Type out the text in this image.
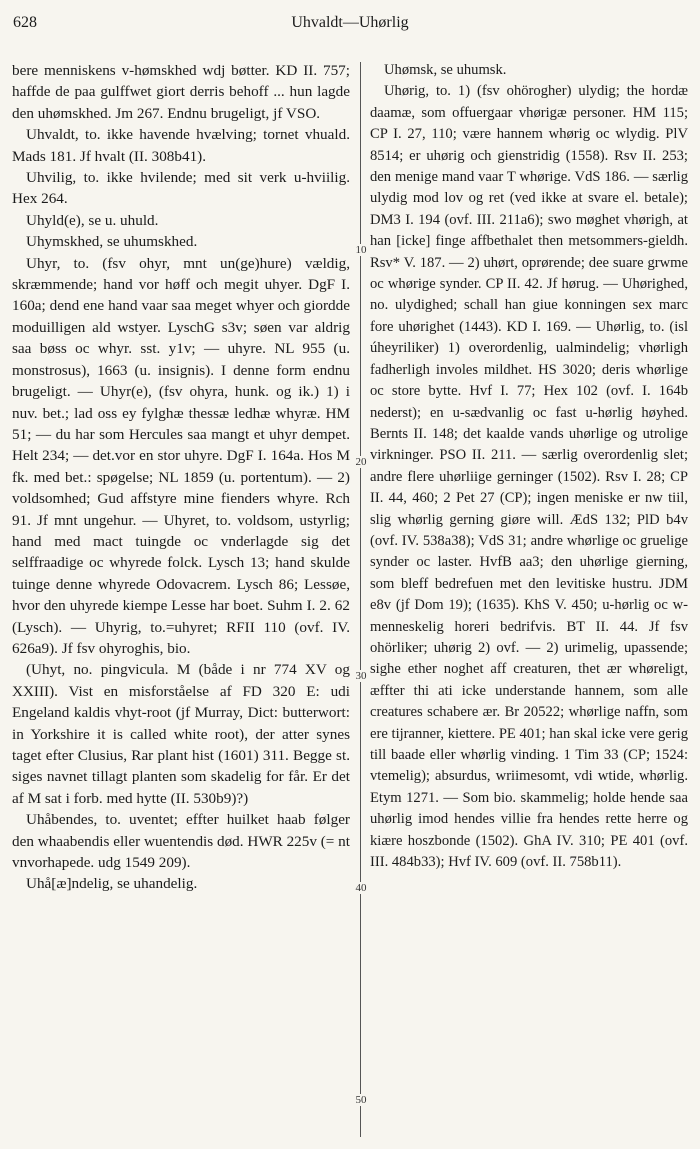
628	Uhvaldt—Uhørlig

bere menniskens v-hømskhed wdj bøtter. KD II. 757; haffde de paa gulffwet giort derris behoff ... hun lagde den uhømskhed. Jm 267. Endnu brugeligt, jf VSO.

Uhvaldt, to. ikke havende hvælving; tornet vhuald. Mads 181. Jf hvalt (II. 308b41).

Uhvilig, to. ikke hvilende; med sit verk u-hviilig. Hex 264.

Uhyld(e), se u. uhuld.

Uhymskhed, se uhumskhed.

Uhyr, to. (fsv ohyr, mnt un(ge)hure) vældig, skræmmende; hand vor høff och megit uhyer. DgF I. 160a; dend ene hand vaar saa meget whyer och giordde moduilligen ald wstyer. LyschG s3v; søen var aldrig saa bøss oc whyr. sst. y1v; — uhyre. NL 955 (u. monstrosus), 1663 (u. insignis). I denne form endnu brugeligt. — Uhyr(e), (fsv ohyra, hunk. og ik.) 1) i nuv. bet.; lad oss ey fylghæ thessæ ledhæ whyræ. HM 51; — du har som Hercules saa mangt et uhyr dempet. Helt 234; — det.vor en stor uhyre. DgF I. 164a. Hos M fk. med bet.: spøgelse; NL 1859 (u. portentum). — 2) voldsomhed; Gud affstyre mine fienders whyre. Rch 91. Jf mnt ungehur. — Uhyret, to. voldsom, ustyrlig; hand med mact tuingde oc vnderlagde sig det selffraadige oc whyrede folck. Lysch 13; hand skulde tuinge denne whyrede Odovacrem. Lysch 86; Lessøe, hvor den uhyrede kiempe Lesse har boet. Suhm I. 2. 62 (Lysch). — Uhyrig, to.=uhyret; RFII 110 (ovf. IV. 626a9). Jf fsv ohyroghis, bio.

(Uhyt, no. pingvicula. M (både i nr 774 XV og XXIII). Vist en misforståelse af FD 320 E: udi Engeland kaldis vhyt-root (jf Murray, Dict: butterwort: in Yorkshire it is called white root), der atter synes taget efter Clusius, Rar plant hist (1601) 311. Begge st. siges navnet tillagt planten som skadelig for får. Er det af M sat i forb. med hytte (II. 530b9)?)

Uhåbendes, to. uventet; effter huilket haab følger den whaabendis eller wuentendis død. HWR 225v (= nt vnvorhapede. udg 1549 209).

Uhå[æ]ndelig, se uhandelig.

10
20
30
40
50

Uhømsk, se uhumsk.

Uhørig, to. 1) (fsv ohörogher) ulydig; the hordæ daamæ, som offuergaar vhørigæ personer. HM 115; CP I. 27, 110; være hannem whørig oc wlydig. PlV 8514; er uhørig och gienstridig (1558). Rsv II. 253; den menige mand vaar T whørige. VdS 186. — særlig ulydig mod lov og ret (ved ikke at svare el. betale); DM3 I. 194 (ovf. III. 211a6); swo møghet vhørigh, at han [icke] finge affbethalet then metsommers-gieldh. Rsv* V. 187. — 2) uhørt, oprørende; dee suare grwme oc whørige synder. CP II. 42. Jf hørug. — Uhørighed, no. ulydighed; schall han giue konningen sex marc fore uhørighet (1443). KD I. 169. — Uhørlig, to. (isl úheyriliker) 1) overordenlig, ualmindelig; vhørligh fadherligh involes mildhet. HS 3020; deris whørlige oc store bytte. Hvf I. 77; Hex 102 (ovf. I. 164b nederst); en u-sædvanlig oc fast u-hørlig høyhed. Bernts II. 148; det kaalde vands uhørlige og utrolige virkninger. PSO II. 211. — særlig overordenlig slet; andre flere uhørliige gerninger (1502). Rsv I. 28; CP II. 44, 460; 2 Pet 27 (CP); ingen meniske er nw tiil, slig whørlig gerning giøre will. ÆdS 132; PlD b4v (ovf. IV. 538a38); VdS 31; andre whørlige oc gruelige synder oc laster. HvfB aa3; den uhørlige gierning, som bleff bedrefuen met den levitiske hustru. JDM e8v (jf Dom 19); (1635). KhS V. 450; u-hørlig oc w-menneskelig horeri bedrifvis. BT II. 44. Jf fsv ohörliker; uhørig 2) ovf. — 2) urimelig, upassende; sighe ether noghet aff creaturen, thet ær whøreligt, æffter thi ati icke understande hannem, som alle creatures schabere ær. Br 20522; whørlige naffn, som ere tijranner, kiettere. PE 401; han skal icke vere gerig till baade eller whørlig vinding. 1 Tim 33 (CP; 1524: vtemelig); absurdus, wriimesomt, vdi wtide, whørlig. Etym 1271. — Som bio. skammelig; holde hende saa uhørlig imod hendes villie fra hendes rette herre og kiære hoszbonde (1502). GhA IV. 310; PE 401 (ovf. III. 484b33); Hvf IV. 609 (ovf. II. 758b11).
